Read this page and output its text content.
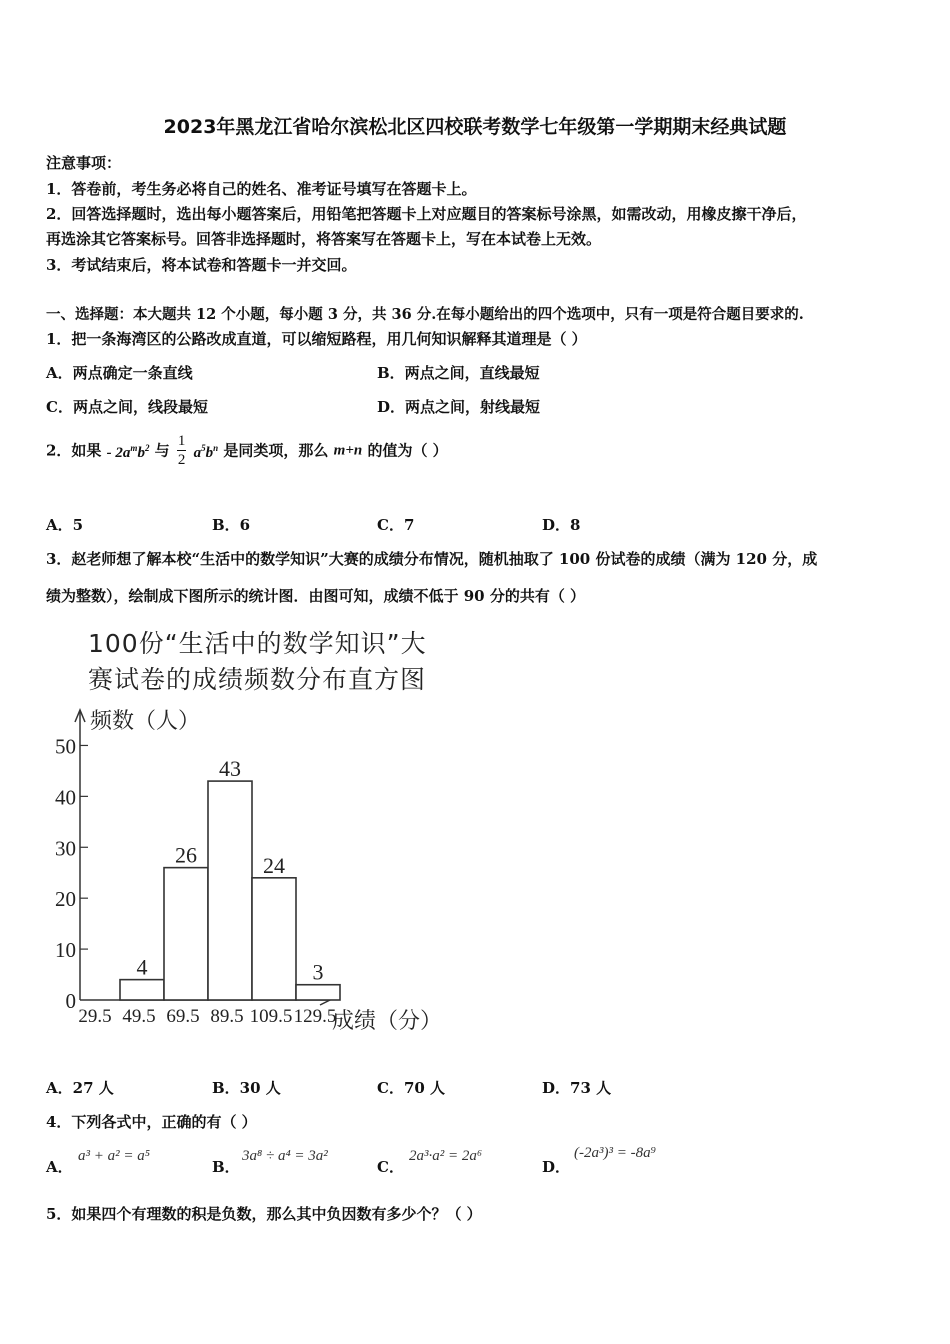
2023年黑龙江省哈尔滨松北区四校联考数学七年级第一学期期末经典试题
注意事项：
1．答卷前，考生务必将自己的姓名、准考证号填写在答题卡上。
2．回答选择题时，选出每小题答案后，用铅笔把答题卡上对应题目的答案标号涂黑，如需改动，用橡皮擦干净后，
再选涂其它答案标号。回答非选择题时，将答案写在答题卡上，写在本试卷上无效。
3．考试结束后，将本试卷和答题卡一并交回。
一、选择题：本大题共 12 个小题，每小题 3 分，共 36 分.在每小题给出的四个选项中，只有一项是符合题目要求的.
1．把一条海湾区的公路改成直道，可以缩短路程，用几何知识解释其道理是（ ）
A．两点确定一条直线	B．两点之间，直线最短
C．两点之间，线段最短	D．两点之间，射线最短
2．如果 - $2a^mb^2$ 与 $\frac{1}{2} a^5b^n$ 是同类项，那么 m+n 的值为（ ）
A．5	B．6	C．7	D．8
3．赵老师想了解本校“生活中的数学知识”大赛的成绩分布情况，随机抽取了 100 份试卷的成绩（满为 120 分，成
绩为整数），绘制成下图所示的统计图．由图可知，成绩不低于 90 分的共有（ ）
100份“生活中的数学知识”大
赛试卷的成绩频数分布直方图
频数（人）
成绩（分）
0
10
20
30
40
50
29.5 49.5 69.5 89.5 109.5 129.5
4
26
43
24
3
A．27 人	B．30 人	C．70 人	D．73 人
4．下列各式中，正确的有（ ）
A．
a³ + a² = a⁵
B．
3a⁸ ÷ a⁴ = 3a²
C．
2a³·a² = 2a⁶
D．
(-2a³)³ = -8a⁹
5．如果四个有理数的积是负数，那么其中负因数有多少个？（ ）
